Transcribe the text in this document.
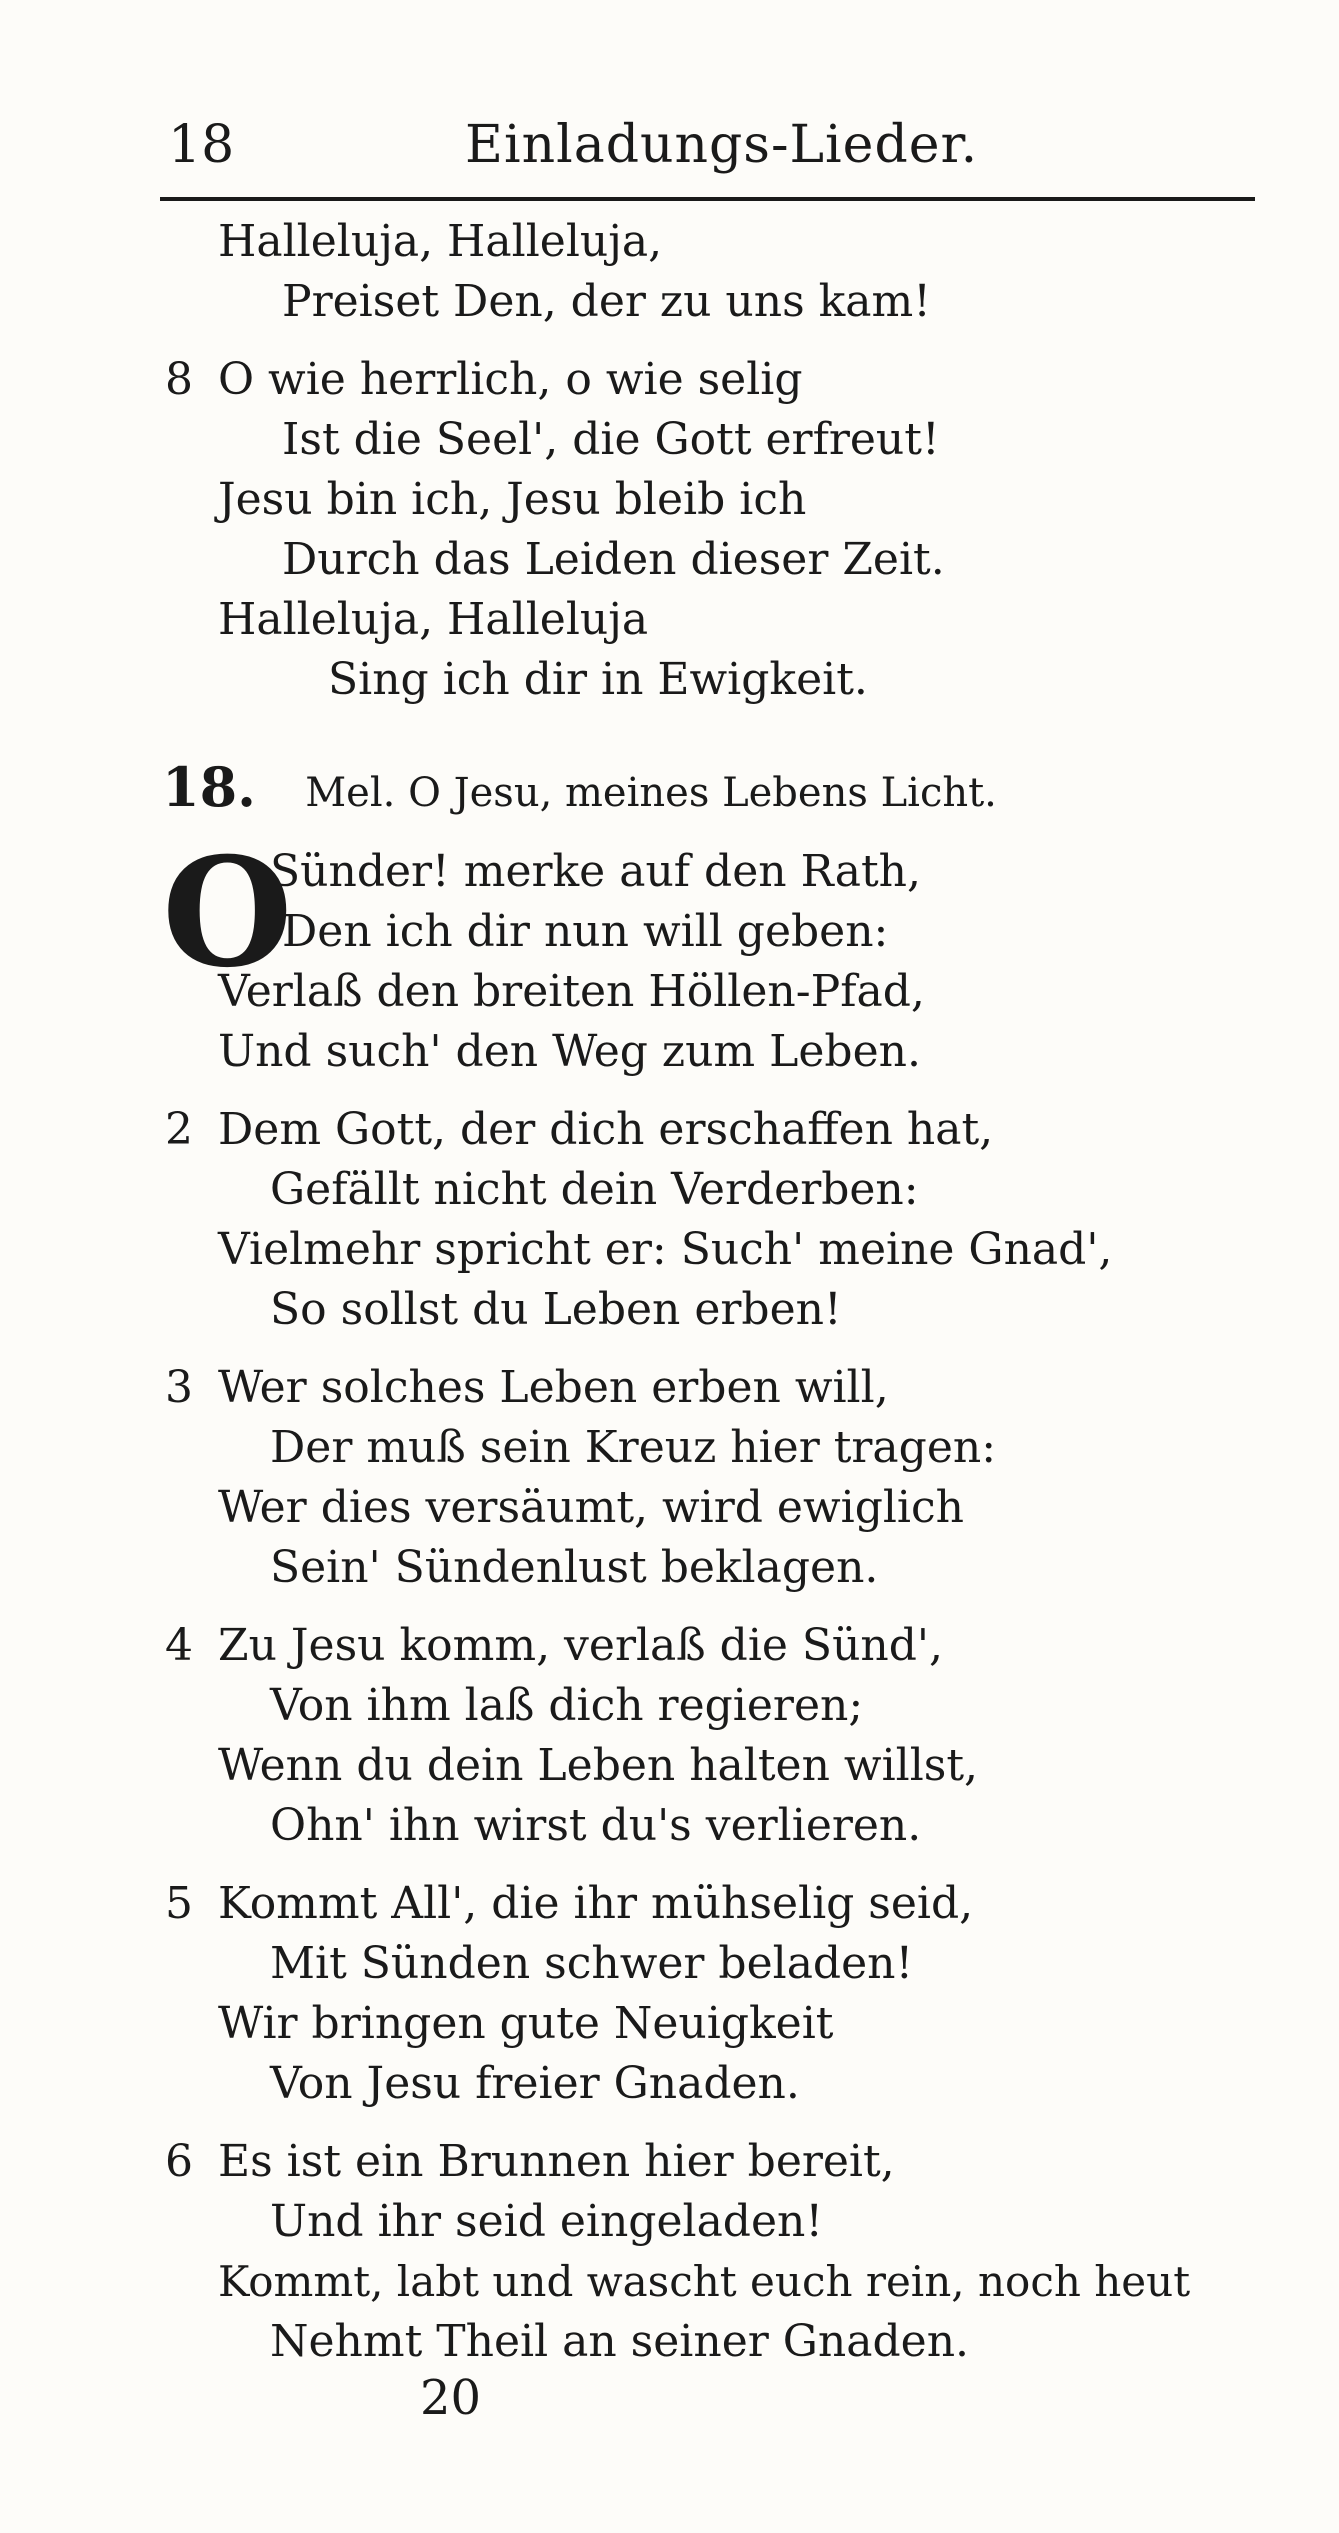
18	Einladungs-Lieder.
Halleluja, Halleluja,
Preiset Den, der zu uns kam!
8 O wie herrlich, o wie selig
Ist die Seel', die Gott erfreut!
Jesu bin ich, Jesu bleib ich
Durch das Leiden dieser Zeit.
Halleluja, Halleluja
Sing ich dir in Ewigkeit.
18. Mel. O Jesu, meines Lebens Licht.
O
Sünder! merke auf den Rath,
Den ich dir nun will geben:
Verlaß den breiten Höllen-Pfad,
Und such' den Weg zum Leben.
2 Dem Gott, der dich erschaffen hat,
Gefällt nicht dein Verderben:
Vielmehr spricht er: Such' meine Gnad',
So sollst du Leben erben!
3 Wer solches Leben erben will,
Der muß sein Kreuz hier tragen:
Wer dies versäumt, wird ewiglich
Sein' Sündenlust beklagen.
4 Zu Jesu komm, verlaß die Sünd',
Von ihm laß dich regieren;
Wenn du dein Leben halten willst,
Ohn' ihn wirst du's verlieren.
5 Kommt All', die ihr mühselig seid,
Mit Sünden schwer beladen!
Wir bringen gute Neuigkeit
Von Jesu freier Gnaden.
6 Es ist ein Brunnen hier bereit,
Und ihr seid eingeladen!
Kommt, labt und wascht euch rein, noch heut
Nehmt Theil an seiner Gnaden.
20
